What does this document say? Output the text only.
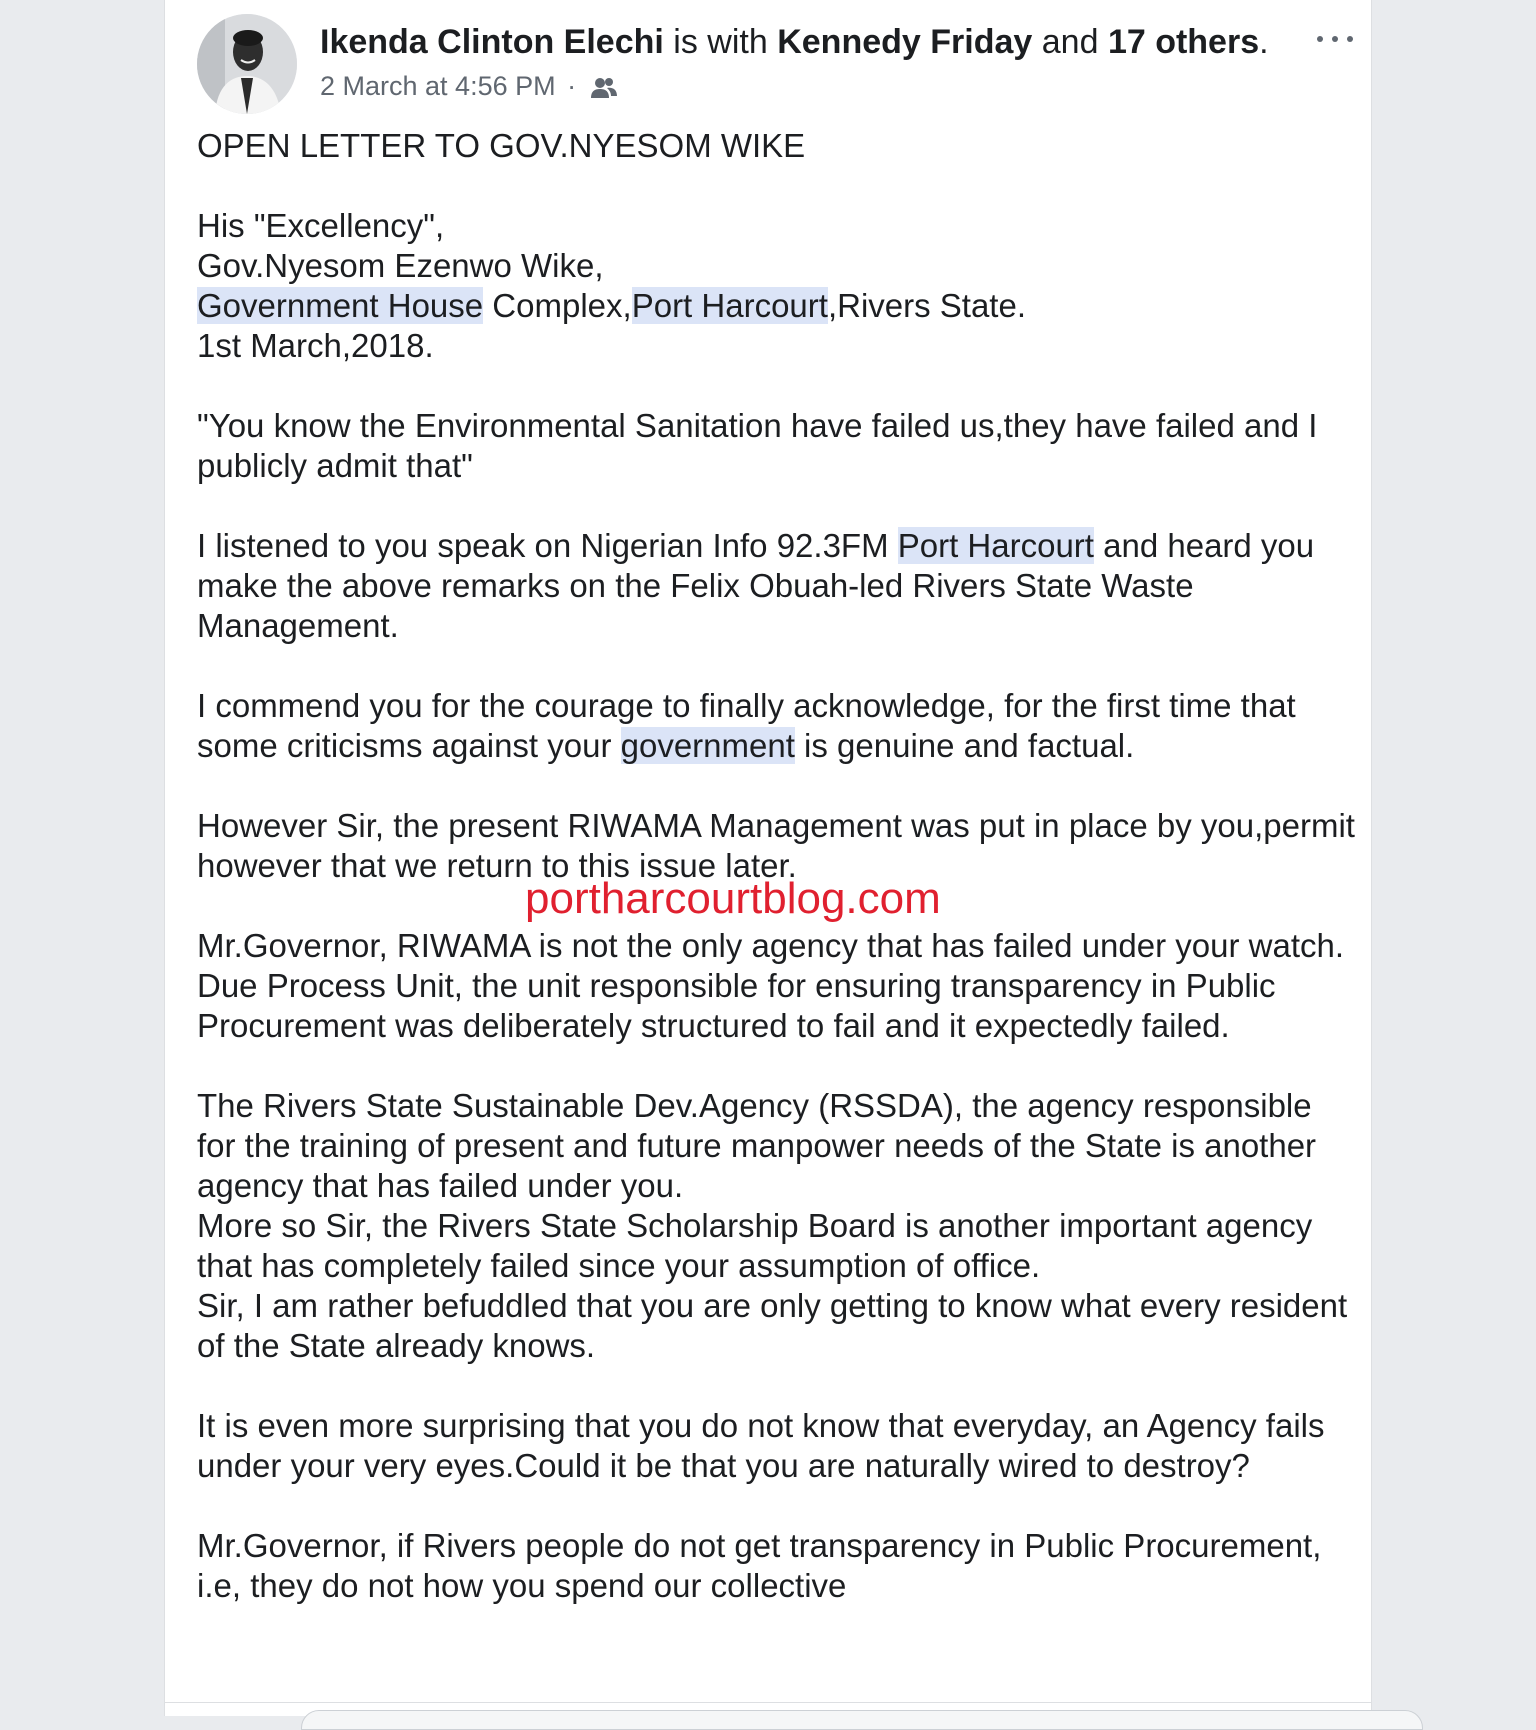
Ikenda Clinton Elechi is with Kennedy Friday and 17 others.
2 March at 4:56 PM ·

OPEN LETTER TO GOV.NYESOM WIKE

His "Excellency",
Gov.Nyesom Ezenwo Wike,
Government House Complex,Port Harcourt,Rivers State.
1st March,2018.

"You know the Environmental Sanitation have failed us,they have failed and I publicly admit that"

I listened to you speak on Nigerian Info 92.3FM Port Harcourt and heard you make the above remarks on the Felix Obuah-led Rivers State Waste Management.

I commend you for the courage to finally acknowledge, for the first time that some criticisms against your government is genuine and factual.

However Sir, the present RIWAMA Management was put in place by you,permit however that we return to this issue later.

Mr.Governor, RIWAMA is not the only agency that has failed under your watch.
Due Process Unit, the unit responsible for ensuring transparency in Public Procurement was deliberately structured to fail and it expectedly failed.

The Rivers State Sustainable Dev.Agency (RSSDA), the agency responsible for the training of present and future manpower needs of the State is another agency that has failed under you.
More so Sir, the Rivers State Scholarship Board is another important agency that has completely failed since your assumption of office.
Sir, I am rather befuddled that you are only getting to know what every resident of the State already knows.

It is even more surprising that you do not know that everyday, an Agency fails under your very eyes.Could it be that you are naturally wired to destroy?

Mr.Governor, if Rivers people do not get transparency in Public Procurement, i.e, they do not how you spend our collective

portharcourtblog.com
